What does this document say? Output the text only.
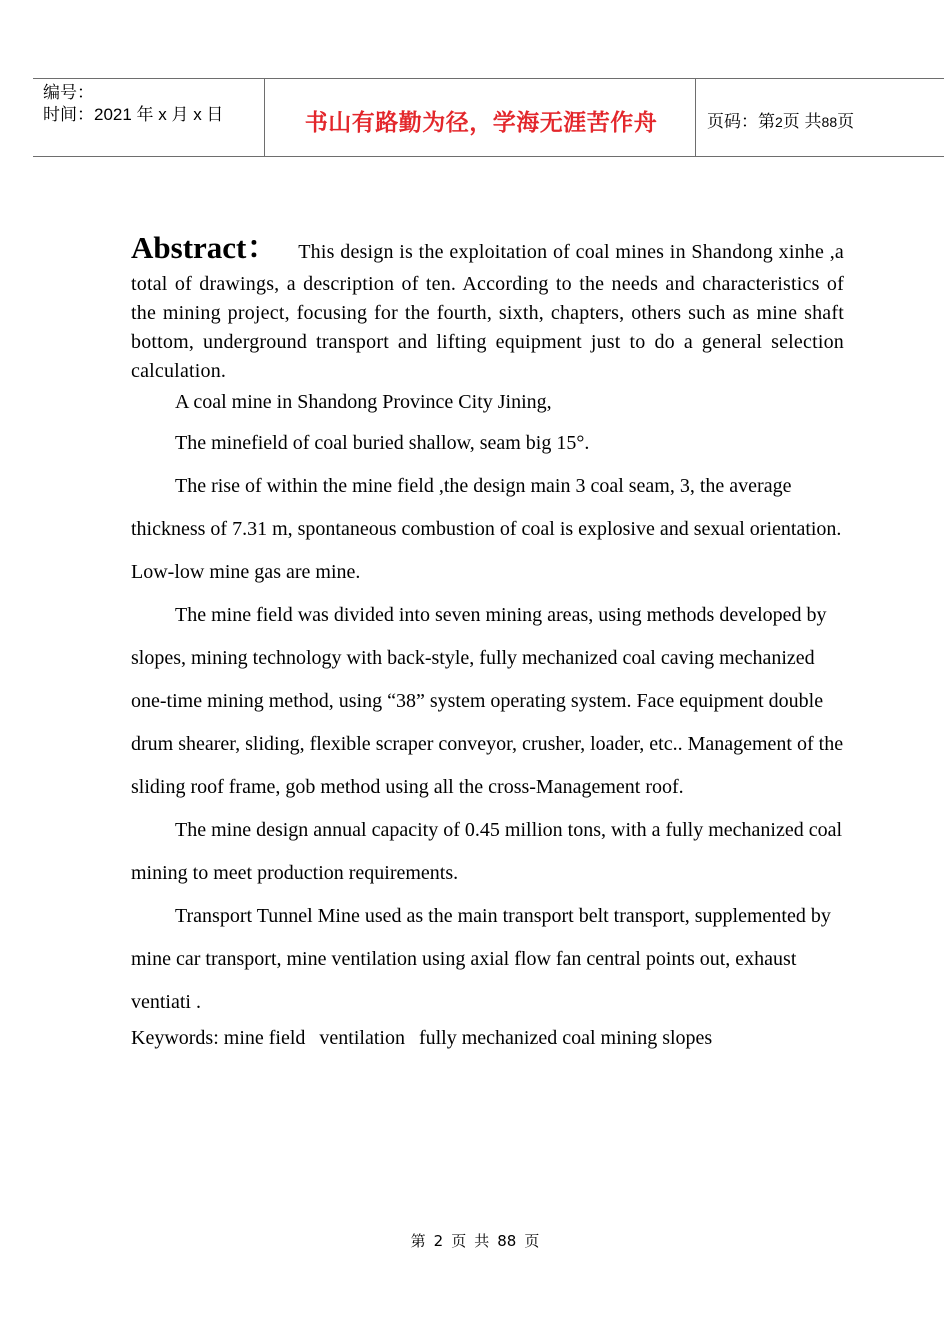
编号：
时间：2021 年 x 月 x 日	书山有路勤为径，学海无涯苦作舟	页码：第2页 共88页
Abstract： This design is the exploitation of coal mines in Shandong xinhe ,a total of drawings, a description of ten. According to the needs and characteristics of the mining project, focusing for the fourth, sixth, chapters, others such as mine shaft bottom, underground transport and lifting equipment just to do a general selection calculation.

A coal mine in Shandong Province City Jining,

The minefield of coal buried shallow, seam big 15°.

The rise of within the mine field ,the design main 3 coal seam, 3, the average thickness of 7.31 m, spontaneous combustion of coal is explosive and sexual orientation. Low-low mine gas are mine.

The mine field was divided into seven mining areas, using methods developed by slopes, mining technology with back-style, fully mechanized coal caving mechanized one-time mining method, using “38” system operating system. Face equipment double drum shearer, sliding, flexible scraper conveyor, crusher, loader, etc.. Management of the sliding roof frame, gob method using all the cross-Management roof.

The mine design annual capacity of 0.45 million tons, with a fully mechanized coal mining to meet production requirements.

Transport Tunnel Mine used as the main transport belt transport, supplemented by mine car transport, mine ventilation using axial flow fan central points out, exhaust ventiati .

Keywords: mine field ventilation fully mechanized coal mining slopes
第 2 页 共 88 页
